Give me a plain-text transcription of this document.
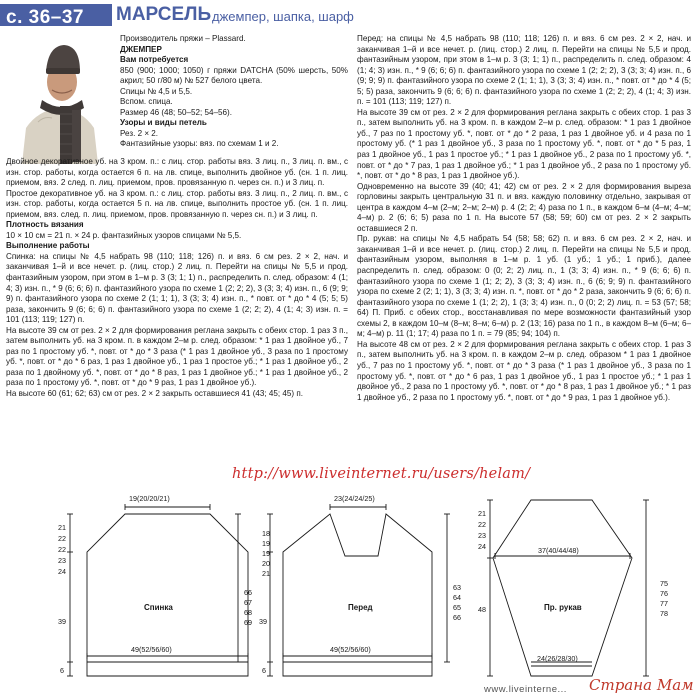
с. 36–37 МАРСЕЛЬ джемпер, шапка, шарф

Производитель пряжи – Plassard.

ДЖЕМПЕР

Вам потребуется

850 (900; 1000; 1050) г пряжи DATCHA (50% шерсть, 50% акрил; 50 г/80 м) № 527 белого цвета.

Спицы № 4,5 и 5,5.

Вспом. спица.

Размер 46 (48; 50–52; 54–56).

Узоры и виды петель

Рез. 2 × 2.

Фантазийные узоры: вяз. по схемам 1 и 2.

Двойное декоративное уб. на 3 кром. п.: с лиц. стор. работы вяз. 3 лиц. п., 3 лиц. п. вм., с изн. стор. работы, когда остается 6 п. на лв. спице, выполнить двойное уб. (сн. 1 п. лиц. приемом, вяз. 2 след. п. лиц. приемом, пров. провязанную п. через сн. п.) и 3 лиц. п.

Простое декоративное уб. на 3 кром. п.: с лиц. стор. работы вяз. 3 лиц. п., 2 лиц. п. вм., с изн. стор. работы, когда остается 5 п. на лв. спице, выполнить простое уб. (сн. 1 п. лиц. приемом, вяз. след. п. лиц. приемом, пров. провязанную п. через сн. п.) и 3 лиц. п.

Плотность вязания

10 × 10 см = 21 п. × 24 р. фантазийных узоров спицами № 5,5.

Выполнение работы

Спинка: на спицы № 4,5 набрать 98 (110; 118; 126) п. и вяз. 6 см рез. 2 × 2, нач. и заканчивая 1–й и все нечет. р. (лиц. стор.) 2 лиц. п. Перейти на спицы № 5,5 и прод. фантазийным узором, при этом в 1–м р. 3 (3; 1; 1) п., распределить п. след. образом: 4 (1; 4; 3) изн. п., * 9 (6; 6; 6) п. фантазийного узора по схеме 1 (2; 2; 2), 3 (3; 3; 4) изн. п., 6 (9; 9; 9) п. фантазийного узора по схеме 2 (1; 1; 1), 3 (3; 3; 4) изн. п., * повт. от * до * 4 (5; 5; 5) раза, закончить 9 (6; 6; 6) п. фантазийного узора по схеме 1 (2; 2; 2), 4 (1; 4; 3) изн. п. = 101 (113; 119; 127) п.

На высоте 39 см от рез. 2 × 2 для формирования реглана закрыть с обеих стор. 1 раз 3 п., затем выполнить уб. на 3 кром. п. в каждом 2–м р. след. образом: * 1 раз 1 двойное уб., 7 раз по 1 простому уб. *, повт. от * до * 3 раза (* 1 раз 1 двойное уб., 3 раза по 1 простому уб. *, повт. от * до * 6 раз, 1 раз 1 двойное уб., 1 раз 1 простое уб.; * 1 раз 1 двойное уб., 2 раза по 1 двойному уб. *, повт. от * до * 8 раз, 1 раз 1 двойное уб.; * 1 раз 1 двойное уб., 2 раза по 1 простому уб. *, повт. от * до * 9 раз, 1 раз 1 двойное уб.).

На высоте 60 (61; 62; 63) см от рез. 2 × 2 закрыть оставшиеся 41 (43; 45; 45) п.

Перед: на спицы № 4,5 набрать 98 (110; 118; 126) п. и вяз. 6 см рез. 2 × 2, нач. и заканчивая 1–й и все нечет. р. (лиц. стор.) 2 лиц. п. Перейти на спицы № 5,5 и прод. фантазийным узором, при этом в 1–м р. 3 (3; 1; 1) п., распределить п. след. образом: 4 (1; 4; 3) изн. п., * 9 (6; 6; 6) п. фантазийного узора по схеме 1 (2; 2; 2), 3 (3; 3; 4) изн. п., 6 (9; 9; 9) п. фантазийного узора по схеме 2 (1; 1; 1), 3 (3; 3; 4) изн. п., * повт. от * до * 4 (5; 5; 5) раза, закончить 9 (6; 6; 6) п. фантазийного узора по схеме 1 (2; 2; 2), 4 (1; 4; 3) изн. п. = 101 (113; 119; 127) п.

На высоте 39 см от рез. 2 × 2 для формирования реглана закрыть с обеих стор. 1 раз 3 п., затем выполнить уб. на 3 кром. п. в каждом 2–м р. след. образом: * 1 раз 1 двойное уб., 7 раз по 1 простому уб. *, повт. от * до * 2 раза, 1 раз 1 двойное уб. и 4 раза по 1 простому уб. (* 1 раз 1 двойное уб., 3 раза по 1 простому уб. *, повт. от * до * 5 раз, 1 раз 1 двойное уб., 1 раз 1 простое уб.; * 1 раз 1 двойное уб., 2 раза по 1 простому уб. *, повт. от * до * 7 раз, 1 раз 1 двойное уб.; * 1 раз 1 двойное уб., 2 раза по 1 простому уб. *, повт. от * до * 8 раз, 1 раз 1 двойное уб.).

Одновременно на высоте 39 (40; 41; 42) см от рез. 2 × 2 для формирования выреза горловины закрыть центральную 31 п. и вяз. каждую половинку отдельно, закрывая от центра в каждом 4–м (2–м; 2–м; 2–м) р. 4 (2; 2; 4) раза по 1 п., в каждом 6–м (4–м; 4–м; 4–м) р. 2 (6; 6; 5) раза по 1 п. На высоте 57 (58; 59; 60) см от рез. 2 × 2 закрыть оставшиеся 2 п.

Пр. рукав: на спицы № 4,5 набрать 54 (58; 58; 62) п. и вяз. 6 см рез. 2 × 2, нач. и заканчивая 1–й и все нечет. р. (лиц. стор.) 2 лиц. п. Перейти на спицы № 5,5 и прод. фантазийным узором, выполняя в 1–м р. 1 уб. (1 уб.; 1 уб.; 1 приб.), далее распределить п. след. образом: 0 (0; 2; 2) лиц. п., 1 (3; 3; 4) изн. п., * 9 (6; 6; 6) п. фантазийного узора по схеме 1 (1; 2; 2), 3 (3; 3; 4) изн. п., 6 (6; 9; 9) п. фантазийного узора по схеме 2 (2; 1; 1), 3 (3; 3; 4) изн. п. *, повт. от * до * 2 раза, закончить 9 (6; 6; 6) п. фантазийного узора по схеме 1 (1; 2; 2), 1 (3; 3; 4) изн. п., 0 (0; 2; 2) лиц. п. = 53 (57; 58; 64) П. Приб. с обеих стор., восстанавливая по мере возможности фантазийный узор схемы 2, в каждом 10–м (8–м; 8–м; 6–м) р. 2 (13; 16) раза по 1 п., в каждом 8–м (6–м; 6–м; 4–м) р. 11 (1; 17; 4) раза по 1 п. = 79 (85; 94; 104) п.

На высоте 48 см от рез. 2 × 2 для формирования реглана закрыть с обеих стор. 1 раз 3 п., затем выполнить уб. на 3 кром. п. в каждом 2–м р. след. образом * 1 раз 1 двойное уб., 7 раз по 1 простому уб. *, повт. от * до * 3 раза (* 1 раз 1 двойное уб., 3 раза по 1 простому уб. *, повт. от * до * 6 раз, 1 раз 1 двойное уб., 1 раз 1 простое уб.; * 1 раз 1 двойное уб., 2 раза по 1 простому уб. *, повт. от * до * 8 раз, 1 раз 1 двойное уб.; * 1 раз 1 двойное уб., 2 раза по 1 простому уб. *, повт. от * до * 9 раз, 1 раз 1 двойное уб.).

http://www.liveinternet.ru/users/helam/
19(20/20/21)
Спинка
49(52/56/60)
21
22
22
23
24
39
6
66
67
68
69
23(24/24/25)
Перед
49(52/56/60)
18
19
19
20
21
39
6
63
64
65
66
37(40/44/48)
Пр. рукав
24(26/28/30)
21
22
23
24
48
75
76
77
78
www.liveinterne... Страна Мам
